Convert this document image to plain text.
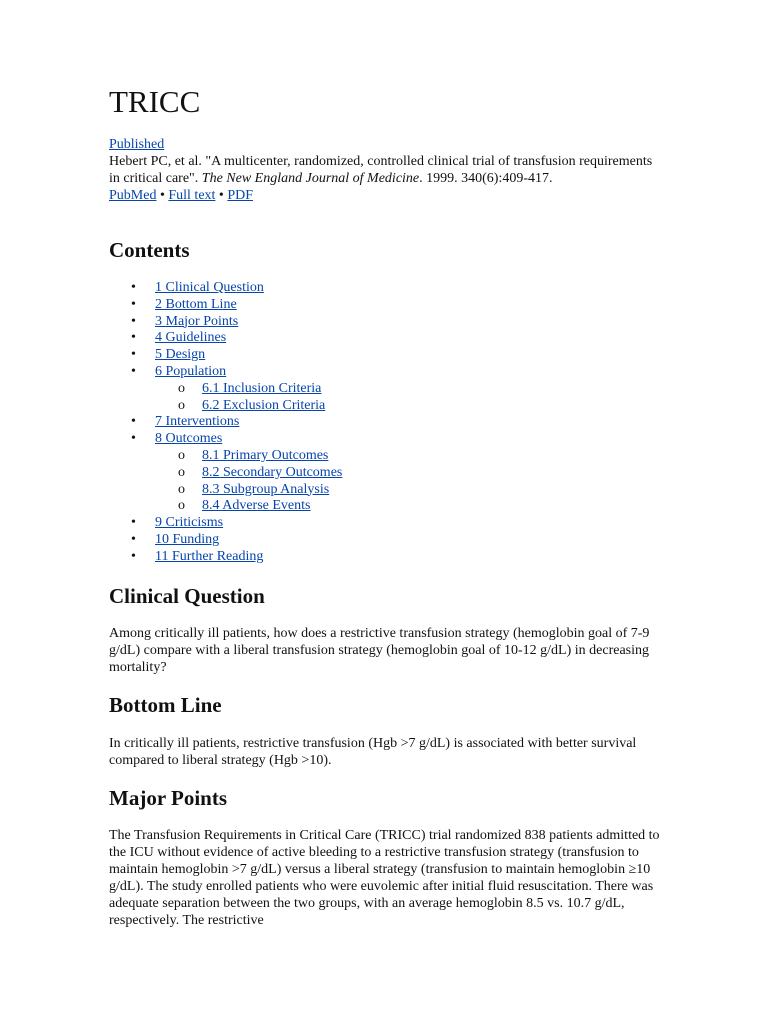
TRICC
Published
Hebert PC, et al. "A multicenter, randomized, controlled clinical trial of transfusion requirements in critical care". The New England Journal of Medicine. 1999. 340(6):409-417.
PubMed • Full text • PDF
Contents
• 1 Clinical Question
• 2 Bottom Line
• 3 Major Points
• 4 Guidelines
• 5 Design
• 6 Population
o 6.1 Inclusion Criteria
o 6.2 Exclusion Criteria
• 7 Interventions
• 8 Outcomes
o 8.1 Primary Outcomes
o 8.2 Secondary Outcomes
o 8.3 Subgroup Analysis
o 8.4 Adverse Events
• 9 Criticisms
• 10 Funding
• 11 Further Reading
Clinical Question

Among critically ill patients, how does a restrictive transfusion strategy (hemoglobin goal of 7-9 g/dL) compare with a liberal transfusion strategy (hemoglobin goal of 10-12 g/dL) in decreasing mortality?

Bottom Line

In critically ill patients, restrictive transfusion (Hgb >7 g/dL) is associated with better survival compared to liberal strategy (Hgb >10).

Major Points

The Transfusion Requirements in Critical Care (TRICC) trial randomized 838 patients admitted to the ICU without evidence of active bleeding to a restrictive transfusion strategy (transfusion to maintain hemoglobin >7 g/dL) versus a liberal strategy (transfusion to maintain hemoglobin ≥10 g/dL). The study enrolled patients who were euvolemic after initial fluid resuscitation. There was adequate separation between the two groups, with an average hemoglobin 8.5 vs. 10.7 g/dL, respectively. The restrictive
